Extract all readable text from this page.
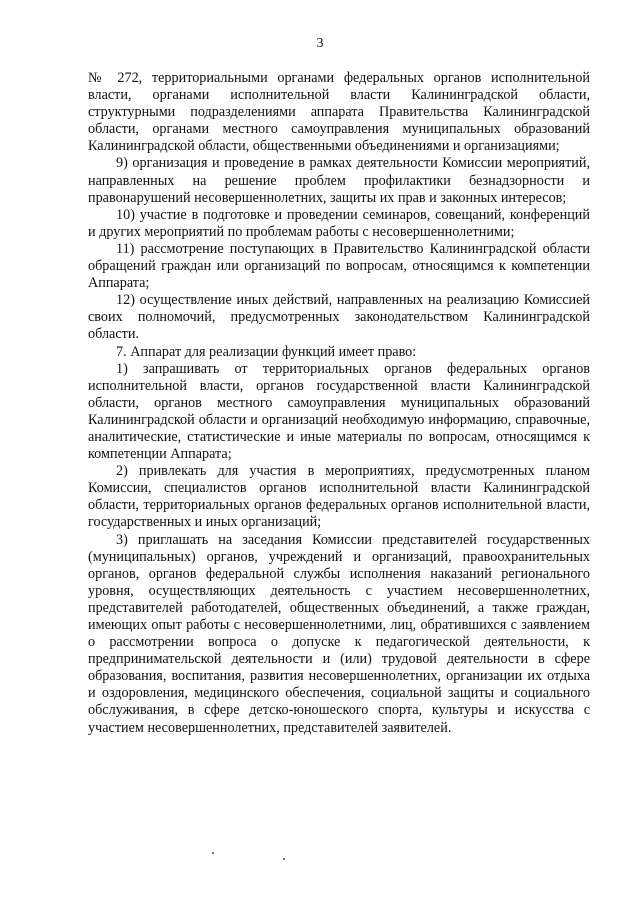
3

№ 272, территориальными органами федеральных органов исполнительной власти, органами исполнительной власти Калининградской области, структурными подразделениями аппарата Правительства Калининградской области, органами местного самоуправления муниципальных образований Калининградской области, общественными объединениями и организациями;

9) организация и проведение в рамках деятельности Комиссии мероприятий, направленных на решение проблем профилактики безнадзорности и правонарушений несовершеннолетних, защиты их прав и законных интересов;

10) участие в подготовке и проведении семинаров, совещаний, конференций и других мероприятий по проблемам работы с несовершеннолетними;

11) рассмотрение поступающих в Правительство Калининградской области обращений граждан или организаций по вопросам, относящимся к компетенции Аппарата;

12) осуществление иных действий, направленных на реализацию Комиссией своих полномочий, предусмотренных законодательством Калининградской области.

7. Аппарат для реализации функций имеет право:

1) запрашивать от территориальных органов федеральных органов исполнительной власти, органов государственной власти Калининградской области, органов местного самоуправления муниципальных образований Калининградской области и организаций необходимую информацию, справочные, аналитические, статистические и иные материалы по вопросам, относящимся к компетенции Аппарата;

2) привлекать для участия в мероприятиях, предусмотренных планом Комиссии, специалистов органов исполнительной власти Калининградской области, территориальных органов федеральных органов исполнительной власти, государственных и иных организаций;

3) приглашать на заседания Комиссии представителей государственных (муниципальных) органов, учреждений и организаций, правоохранительных органов, органов федеральной службы исполнения наказаний регионального уровня, осуществляющих деятельность с участием несовершеннолетних, представителей работодателей, общественных объединений, а также граждан, имеющих опыт работы с несовершеннолетними, лиц, обратившихся с заявлением о рассмотрении вопроса о допуске к педагогической деятельности, к предпринимательской деятельности и (или) трудовой деятельности в сфере образования, воспитания, развития несовершеннолетних, организации их отдыха и оздоровления, медицинского обеспечения, социальной защиты и социального обслуживания, в сфере детско-юношеского спорта, культуры и искусства с участием несовершеннолетних, представителей заявителей.
